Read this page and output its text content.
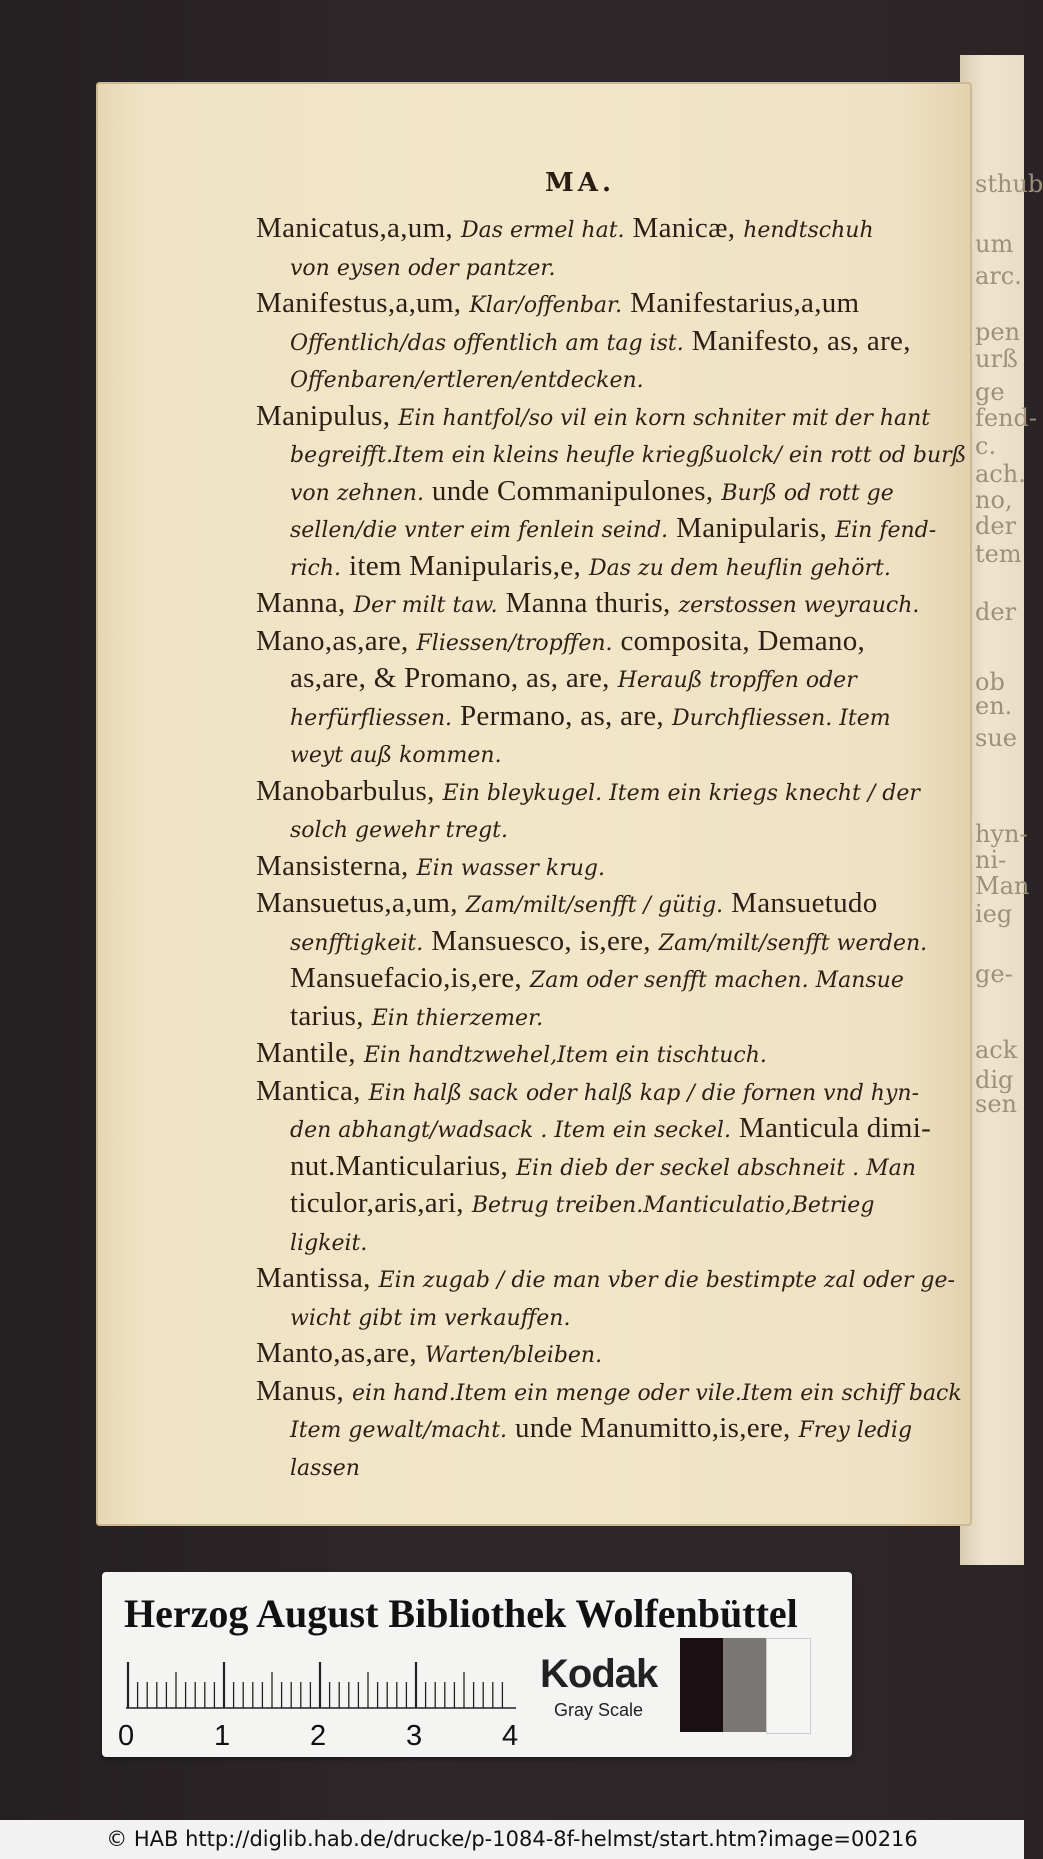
sthub
um
arc.
pen
urß
ge
fend-
c.
ach.
no,
der
tem
der
ob
en.
sue
hyn-
ni-
Man
ieg
ge-
ack
dig
sen
MA.
Manicatus,a,um, Das ermel hat. Manicæ, hendtschuh
von eysen oder pantzer.
Manifestus,a,um, Klar/offenbar. Manifestarius,a,um
Offentlich/das offentlich am tag ist. Manifesto, as, are,
Offenbaren/ertleren/entdecken.
Manipulus, Ein hantfol/so vil ein korn schniter mit der hant
begreifft.Item ein kleins heufle kriegßuolck/ ein rott od burß
von zehnen. unde Commanipulones, Burß od rott ge
sellen/die vnter eim fenlein seind. Manipularis, Ein fend-
rich. item Manipularis,e, Das zu dem heuflin gehört.
Manna, Der milt taw. Manna thuris, zerstossen weyrauch.
Mano,as,are, Fliessen/tropffen. composita, Demano,
as,are, & Promano, as, are, Herauß tropffen oder
herfürfliessen. Permano, as, are, Durchfliessen. Item
weyt auß kommen.
Manobarbulus, Ein bleykugel. Item ein kriegs knecht / der
solch gewehr tregt.
Mansisterna, Ein wasser krug.
Mansuetus,a,um, Zam/milt/senfft / gütig. Mansuetudo
senfftigkeit. Mansuesco, is,ere, Zam/milt/senfft werden.
Mansuefacio,is,ere, Zam oder senfft machen. Mansue
tarius, Ein thierzemer.
Mantile, Ein handtzwehel,Item ein tischtuch.
Mantica, Ein halß sack oder halß kap / die fornen vnd hyn-
den abhangt/wadsack . Item ein seckel. Manticula dimi-
nut.Manticularius, Ein dieb der seckel abschneit . Man
ticulor,aris,ari, Betrug treiben.Manticulatio,Betrieg
ligkeit.
Mantissa, Ein zugab / die man vber die bestimpte zal oder ge-
wicht gibt im verkauffen.
Manto,as,are, Warten/bleiben.
Manus, ein hand.Item ein menge oder vile.Item ein schiff back
Item gewalt/macht. unde Manumitto,is,ere, Frey ledig
lassen
Herzog August Bibliothek Wolfenbüttel
0	1	2	3	4
Kodak
Gray Scale
© HAB http://diglib.hab.de/drucke/p-1084-8f-helmst/start.htm?image=00216
